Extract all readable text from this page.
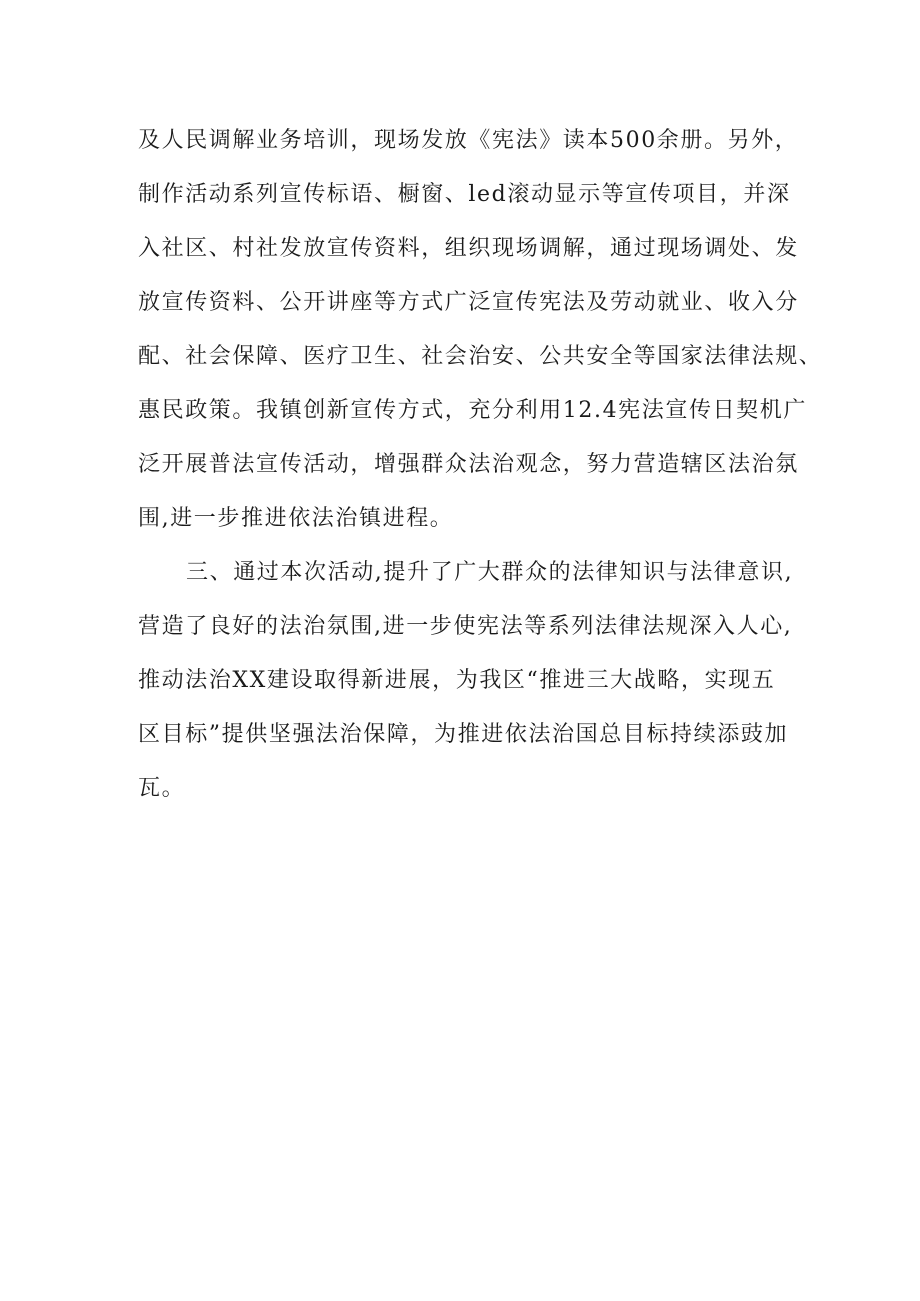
及人民调解业务培训，现场发放《宪法》读本500余册。另外，
制作活动系列宣传标语、橱窗、led滚动显示等宣传项目，并深
入社区、村社发放宣传资料，组织现场调解，通过现场调处、发
放宣传资料、公开讲座等方式广泛宣传宪法及劳动就业、收入分
配、社会保障、医疗卫生、社会治安、公共安全等国家法律法规、
惠民政策。我镇创新宣传方式，充分利用12.4宪法宣传日契机广
泛开展普法宣传活动，增强群众法治观念，努力营造辖区法治氛
围,进一步推进依法治镇进程。
三、通过本次活动,提升了广大群众的法律知识与法律意识,
营造了良好的法治氛围,进一步使宪法等系列法律法规深入人心,
推动法治XX建设取得新进展，为我区“推进三大战略，实现五
区目标”提供坚强法治保障，为推进依法治国总目标持续添豉加
瓦。
